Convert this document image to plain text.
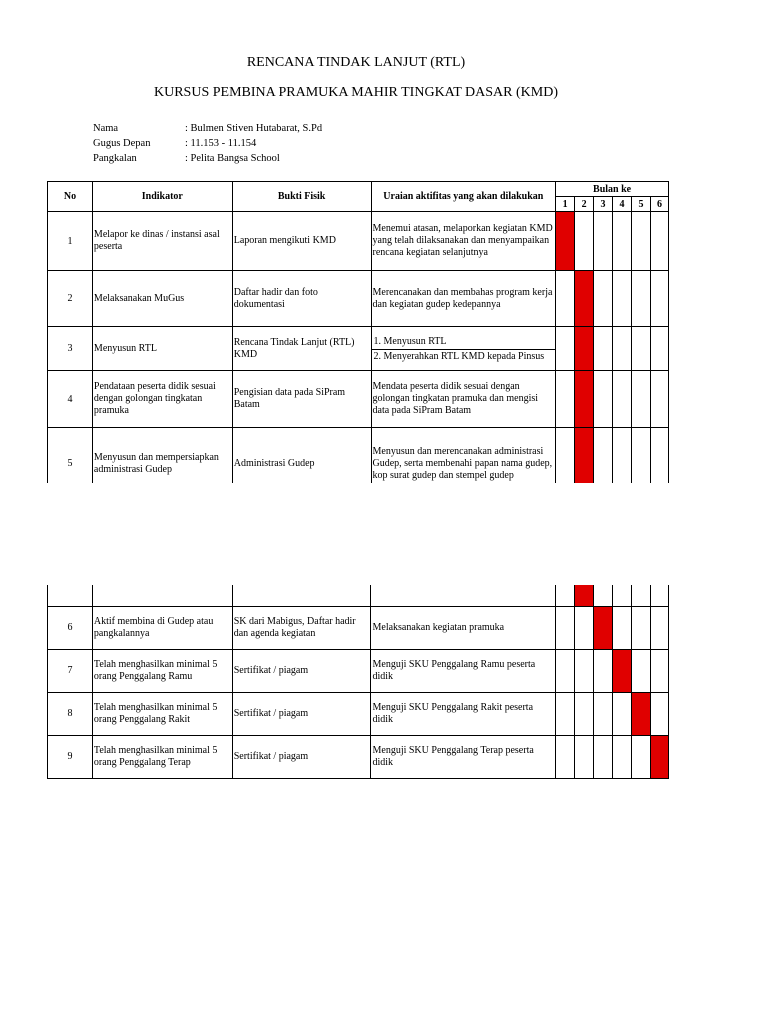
RENCANA TINDAK LANJUT (RTL)
KURSUS PEMBINA PRAMUKA MAHIR TINGKAT DASAR (KMD)
Nama	: Bulmen Stiven Hutabarat, S.Pd
Gugus Depan	: 11.153 - 11.154
Pangkalan	: Pelita Bangsa School
No	Indikator	Bukti Fisik	Uraian aktifitas yang akan dilakukan	Bulan ke					
				1	2	3	4	5	6
1	Melapor ke dinas / instansi asal peserta	Laporan mengikuti KMD	Menemui atasan, melaporkan kegiatan KMD yang telah dilaksanakan dan menyampaikan rencana kegiatan selanjutnya						
2	Melaksanakan MuGus	Daftar hadir dan foto dokumentasi	Merencanakan dan membahas program kerja dan kegiatan gudep kedepannya						
3	Menyusun RTL	Rencana Tindak Lanjut (RTL) KMD	1. Menyusun RTL
2. Menyerahkan RTL KMD kepada Pinsus						

4	Pendataan peserta didik sesuai dengan golongan tingkatan pramuka	Pengisian data pada SiPram Batam	Mendata peserta didik sesuai dengan golongan tingkatan pramuka dan mengisi data pada SiPram Batam						
5	Menyusun dan mempersiapkan administrasi Gudep	Administrasi Gudep	Menyusun dan merencanakan administrasi Gudep, serta membenahi papan nama gudep, kop surat gudep dan stempel gudep						

6	Aktif membina di Gudep atau pangkalannya	SK dari Mabigus, Daftar hadir dan agenda kegiatan	Melaksanakan kegiatan pramuka						
7	Telah menghasilkan minimal 5 orang Penggalang Ramu	Sertifikat / piagam	Menguji SKU Penggalang Ramu peserta didik						
8	Telah menghasilkan minimal 5 orang Penggalang Rakit	Sertifikat / piagam	Menguji SKU Penggalang Rakit peserta didik						
9	Telah menghasilkan minimal 5 orang Penggalang Terap	Sertifikat / piagam	Menguji SKU Penggalang Terap peserta didik						
